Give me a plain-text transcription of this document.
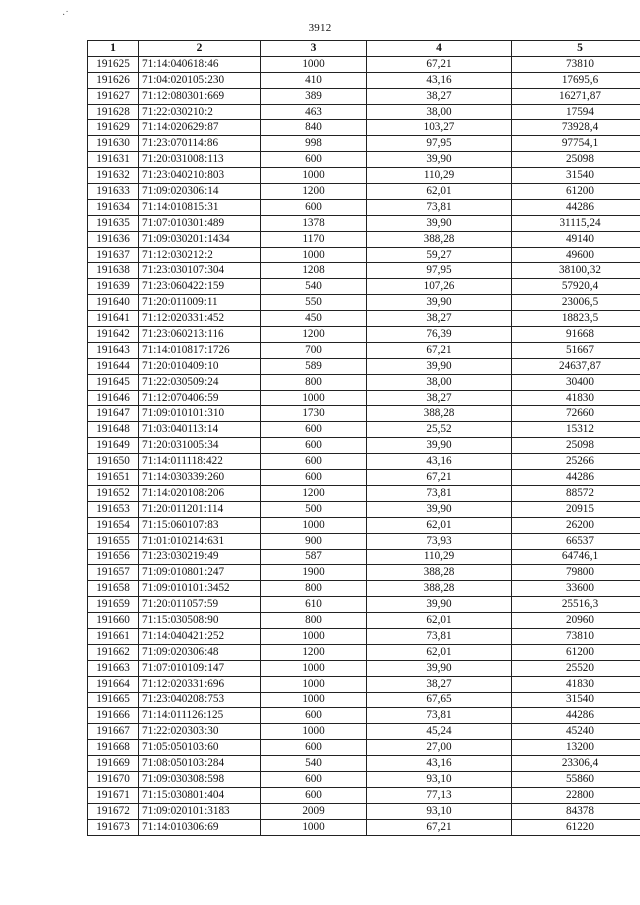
3912
·˙
1	2	3	4	5
191625	71:14:040618:46	1000	67,21	73810
191626	71:04:020105:230	410	43,16	17695,6
191627	71:12:080301:669	389	38,27	16271,87
191628	71:22:030210:2	463	38,00	17594
191629	71:14:020629:87	840	103,27	73928,4
191630	71:23:070114:86	998	97,95	97754,1
191631	71:20:031008:113	600	39,90	25098
191632	71:23:040210:803	1000	110,29	31540
191633	71:09:020306:14	1200	62,01	61200
191634	71:14:010815:31	600	73,81	44286
191635	71:07:010301:489	1378	39,90	31115,24
191636	71:09:030201:1434	1170	388,28	49140
191637	71:12:030212:2	1000	59,27	49600
191638	71:23:030107:304	1208	97,95	38100,32
191639	71:23:060422:159	540	107,26	57920,4
191640	71:20:011009:11	550	39,90	23006,5
191641	71:12:020331:452	450	38,27	18823,5
191642	71:23:060213:116	1200	76,39	91668
191643	71:14:010817:1726	700	67,21	51667
191644	71:20:010409:10	589	39,90	24637,87
191645	71:22:030509:24	800	38,00	30400
191646	71:12:070406:59	1000	38,27	41830
191647	71:09:010101:310	1730	388,28	72660
191648	71:03:040113:14	600	25,52	15312
191649	71:20:031005:34	600	39,90	25098
191650	71:14:011118:422	600	43,16	25266
191651	71:14:030339:260	600	67,21	44286
191652	71:14:020108:206	1200	73,81	88572
191653	71:20:011201:114	500	39,90	20915
191654	71:15:060107:83	1000	62,01	26200
191655	71:01:010214:631	900	73,93	66537
191656	71:23:030219:49	587	110,29	64746,1
191657	71:09:010801:247	1900	388,28	79800
191658	71:09:010101:3452	800	388,28	33600
191659	71:20:011057:59	610	39,90	25516,3
191660	71:15:030508:90	800	62,01	20960
191661	71:14:040421:252	1000	73,81	73810
191662	71:09:020306:48	1200	62,01	61200
191663	71:07:010109:147	1000	39,90	25520
191664	71:12:020331:696	1000	38,27	41830
191665	71:23:040208:753	1000	67,65	31540
191666	71:14:011126:125	600	73,81	44286
191667	71:22:020303:30	1000	45,24	45240
191668	71:05:050103:60	600	27,00	13200
191669	71:08:050103:284	540	43,16	23306,4
191670	71:09:030308:598	600	93,10	55860
191671	71:15:030801:404	600	77,13	22800
191672	71:09:020101:3183	2009	93,10	84378
191673	71:14:010306:69	1000	67,21	61220
